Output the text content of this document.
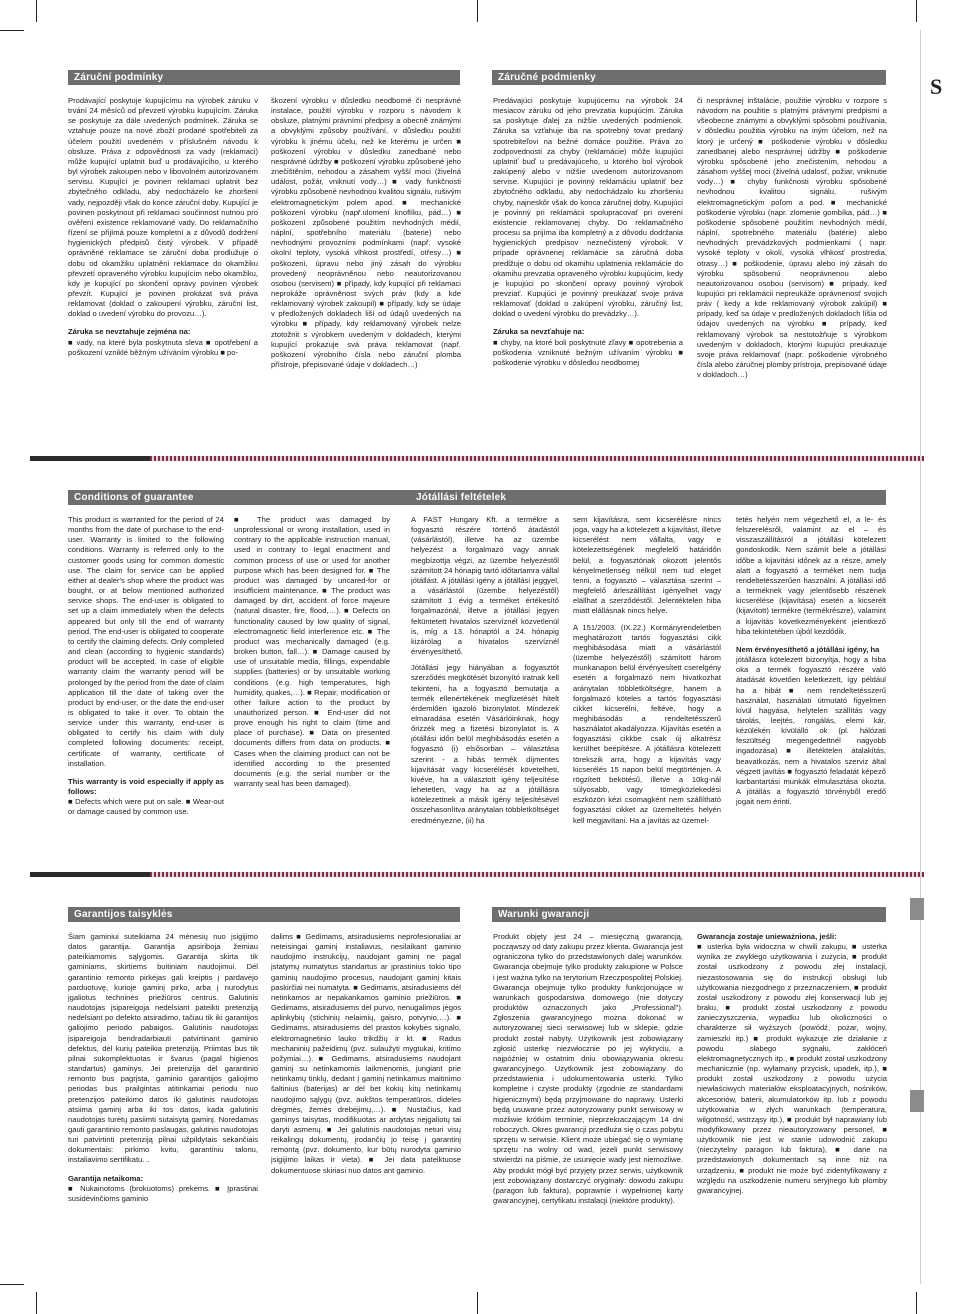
S
Záruční podmínky

Prodávající poskytuje kupujícímu na výrobek záruku v trvání 24 měsíců od převzetí výrobku kupujícím. Záruka se poskytuje za dále uvedených podmínek. Záruka se vztahuje pouze na nové zboží prodané spotřebiteli za účelem použití uvedeném v příslušném návodu k obsluze. Práva z odpovědnosti za vady (reklamaci) může kupující uplatnit buď u prodávajícího, u kterého byl výrobek zakoupen nebo v libovolném autorizovaném servisu. Kupující je povinen reklamaci uplatnit bez zbytečného odkladu, aby nedocházelo ke zhoršení vady, nejpozději však do konce záruční doby. Kupující je povinen poskytnout při reklamaci součinnost nutnou pro ověření existence reklamované vady. Do reklamačního řízení se přijímá pouze kompletní a z důvodů dodržení hygienických předpisů čistý výrobek. V případě oprávněné reklamace se záruční doba prodlužuje o dobu od okamžiku uplatnění reklamace do okamžiku převzetí opraveného výrobku kupujícím nebo okamžiku, kdy je kupující po skončení opravy povinen výrobek převzít. Kupující je povinen prokázat svá práva reklamovat (doklad o zakoupení výrobku, záruční list, doklad o uvedení výrobku do provozu…).

Záruka se nevztahuje zejména na:

■ vady, na které byla poskytnuta sleva ■ opotřebení a poškození vzniklé běžným užíváním výrobku ■ po-

škození výrobku v důsledku neodborné či nesprávné instalace, použití výrobku v rozporu s návodem k obsluze, platnými právními předpisy a obecně známými a obvyklými způsoby používání, v důsledku použití výrobku k jinému účelu, než ke kterému je určen ■ poškození výrobku v důsledku zanedbané nebo nesprávné údržby ■ poškození výrobku způsobené jeho znečištěním, nehodou a zásahem vyšší moci (živelná událost, požár, vniknutí vody…) ■ vady funkčnosti výrobku způsobené nevhodnou kvalitou signálu, rušivým elektromagnetickým polem apod. ■ mechanické poškození výrobku (např.ulomení knoflíku, pád…) ■ poškození způsobené použitím nevhodných médií, náplní, spotřebního materiálu (baterie) nebo nevhodnými provozními podmínkami (např. vysoké okolní teploty, vysoká vlhkost prostředí, otřesy…) ■ poškození, úpravu nebo jiný zásah do výrobku provedený neoprávněnou nebo neautorizovanou osobou (servisem) ■ případy, kdy kupující při reklamaci neprokáže oprávněnost svých práv (kdy a kde reklamovaný výrobek zakoupil) ■ případy, kdy se údaje v předložených dokladech liší od údajů uvedených na výrobku ■ případy, kdy reklamovaný výrobek nelze ztotožnit s výrobkem uvedeným v dokladech, kterými kupující prokazuje svá práva reklamovat (např. poškození výrobního čísla nebo záruční plomba přístroje, přepisované údaje v dokladech…)

Záručné podmienky

Predávajúci poskytuje kupujúcemu na výrobok 24 mesiacov záruku od jeho prevzatia kupujúcim. Záruka sa poskytuje ďalej za nižšie uvedených podmienok. Záruka sa vzťahuje iba na spotrebný tovar predaný spotrebiteľovi na bežné domáce použitie. Práva zo zodpovednosti za chyby (reklamácie) môže kupujúci uplatniť buď u predávajúceho, u ktorého bol výrobok zakúpený alebo v nižšie uvedenom autorizovanom servise. Kupujúci je povinný reklamáciu uplatniť bez zbytočného odkladu, aby nedochádzalo ku zhoršeniu chyby, najneskôr však do konca záručnej doby. Kupujúci je povinný pri reklamácii spolupracovať pri overení existencie reklamovanej chyby. Do reklamačného procesu sa prijíma iba kompletný a z dôvodu dodržania hygienických predpisov neznečistený výrobok. V prípade oprávnenej reklamácie sa záručná doba predlžuje o dobu od okamihu uplatnenia reklamácie do okamihu prevzatia opraveného výrobku kupujúcim, kedy je kupujúci po skončení opravy povinný výrobok prevziať. Kupujúci je povinný preukázať svoje práva reklamovať (doklad o zakúpení výrobku, záručný list, doklad o uvedení výrobku do prevádzky…).

Záruka sa nevzťahuje na:

■ chyby, na ktoré boli poskytnuté zľavy ■ opotrebenia a poškodenia vzniknuté bežným užívaním výrobku ■ poškodenie výrobku v dôsledku neodbornej

či nesprávnej inštalácie, použitie výrobku v rozpore s návodom na použitie s platnými právnymi predpismi a všeobecne známymi a obvyklými spôsobmi používania, v dôsledku použitia výrobku na iným účelom, než na ktorý je určený ■ poškodenie výrobku v dôsledku zanedbanej alebo nesprávnej údržby ■ poškodenie výrobku spôsobené jeho znečistením, nehodou a zásahom vyššej moci (živelná udalosť, požiar, vniknutie vody…) ■ chyby funkčnosti výrobku spôsobené nevhodnou kvalitou signálu, rušivým elektromagnetickým poľom a pod. ■ mechanické poškodenie výrobku (napr. zlomenie gombíka, pád…) ■ poškodenie spôsobené použitím nevhodných médií, náplní, spotrebného materiálu (batérie) alebo nevhodných prevádzkových podmienkami ( napr. vysoké teploty v okolí, vysoká vlhkosť prostredia, otrasy…) ■ poškodenie, úpravu alebo iný zásah do výrobku spôsobenú neoprávnenou alebo neautorizovanou osobou (servisom) ■ prípady, keď kupujúci pri reklamácii nepreukáže oprávnenosť svojich práv ( kedy a kde reklamovaný výrobok zakúpil) ■ prípady, keď sa údaje v predložených dokladoch líšia od údajov uvedených na výrobku ■ prípady, keď reklamovaný výrobok sa nestotožňuje s výrobkom uvedeným v dokladoch, ktorými kupujúci preukazuje svoje práva reklamovať (napr. poškodenie výrobného čísla alebo záručnej plomby prístroja, prepisované údaje v dokladoch…)

Conditions of guarantee

This product is warranted for the period of 24 months from the date of purchase to the end-user. Warranty is limited to the following conditions. Warranty is referred only to the customer goods using for common domestic use. The claim for service can be applied either at dealer's shop where the product was bought, or at below mentioned authorized service shops. The end-user is obligated to set up a claim immediately when the defects appeared but only till the end of warranty period. The end-user is obligated to cooperate to certify the claiming defects. Only completed and clean (according to hygienic standards) product will be accepted. In case of eligible warranty claim the warranty period will be prolonged by the period from the date of claim application till the date of taking over the product by end-user, or the date the end-user is obligated to take it over. To obtain the service under this warranty, end-user is obligated to certify his claim with duly completed following documents: receipt, certificate of warranty, certificate of installation.

This warranty is void especially if apply as follows:

■ Defects which were put on sale. ■ Wear-out or damage caused by common use.

■ The product was damaged by unprofessional or wrong installation, used in contrary to the applicable instruction manual, used in contrary to legal enactment and common process of use or used for another purpose which has been designed for. ■ The product was damaged by uncared-for or insufficient maintenance. ■ The product was damaged by dirt, accident of force majeure (natural disaster, fire, flood,…). ■ Defects on functionality caused by low quality of signal, electromagnetic field interference etc. ■ The product was mechanically damaged (e.g. broken button, fall…). ■ Damage caused by use of unsuitable media, fillings, expendable supplies (batteries) or by unsuitable working conditions (e.g. high temperatures, high humidity, quakes,…). ■ Repair, modification or other failure action to the product by unauthorized person. ■ End-user did not prove enough his right to claim (time and place of purchase). ■ Data on presented documents differs from data on products. ■ Cases when the claiming product can not be identified according to the presented documents (e.g. the serial number or the warranty seal has been damaged).

Jótállási feltételek

A FAST Hungary Kft. a termékre a fogyasztó részére történő átadástól (vásárlástól), illetve ha az üzembe helyezést a forgalmazó vagy annak megbízottja végzi, az üzembe helyezéstől számított 24 hónapig tartó időtartamra vállal jótállást. A jótállási igény a jótállási jeggyel, a vásárlástól (üzembe helyezéstől) számított 1 évig a terméket értékesítő forgalmazónál, illetve a jótállási jegyen feltüntetett hivatalos szervíznél közvetlenül is, míg a 13. hónaptól a 24. hónapig kizárólag a hivatalos szervíznél érvényesíthető.

Jótállási jegy hiányában a fogyasztót szerződés megkötését bizonyító iratnak kell tekinteni, ha a fogyasztó bemutatja a termék ellenértékének megfizetését hitelt érdemlően igazoló bizonylatot. Mindezek elmaradása esetén Vásárlóinknak, hogy őrizzék meg a fizetési bizonylatot is. A jótállási időn belül meghibásodás esetén a fogyasztó (i) elsősorban – választása szerint - a hibás termék díjmentes kijavítását vagy kicserélését követelheti, kivéve, ha a választott igény teljesítése lehetetlen, vagy ha az a jótállásra kötelezettnek a másik igény teljesítésével összehasonlítva aránytalan többletköltséget eredményezne, (ii) ha

sem kijavításra, sem kicserélésre nincs joga, vagy ha a kötelezett a kijavítást, illetve kicserélést nem vállalta, vagy e kötelezettségének megfelelő határidőn belül, a fogyasztónak okozott jelentős kényelmetlenség nélkül nem tud eleget tenni, a fogyasztó – választása szerint – megfelelő árleszállítást igényelhet vagy elállhat a szerződéstől. Jelentéktelen hiba miatt elállásnak nincs helye.

A 151/2003. (IX.22.) Kormányrendeletben meghatározott tartós fogyasztási cikk meghibásodása miatt a vásárlástól (üzembe helyezéstől) számított három munkanapon belül érvényesített cserelgény esetén a forgalmazó nem hivatkozhat aránytalan többletköltségre, hanem a forgalmazó köteles a tartós fogyasztási cikket kicserélni, feltéve, hogy a meghibásodás a rendeltetésszerű használatot akadályozza. Kijavítás esetén a fogyasztási cikkbe csak új alkatrész kerülhet beépítésre. A jótállásra kötelezett törekszik arra, hogy a kijavítás vagy kicserélés 15 napon belül megtörténjen. A rögzített bekötésű, illetve a 10kg-nál súlyosabb, vagy tömegközlekedési eszközön kézi csomagként nem szállítható fogyasztási cikket az üzemeltetés helyén kell megjavítani. Ha a javítás az üzemel-

tetés helyén nem végezhető el, a le- és felszerelésről, valamint az el – és visszaszállításról a jótállási kötelezett gondoskodik. Nem számít bele a jótállási időbe a kijavítási időnek az a része, amely alatt a fogyasztó a terméket nem tudja rendeltetésszerűen használni. A jótállási idő a terméknek vagy jelentősebb részének kicserélése (kijavítása) esetén a kicserélt (kijavított) termékre (termékrészre), valamint a kijavítás következményeként jelentkező hiba tekintetében újból kezdődik.

Nem érvényesíthető a jótállási igény, ha

jótállásra kötelezett bizonyítja, hogy a hiba oka a termék fogyasztó részére való átadását követően keletkezett, így például ha a hibát ■ nem rendeltetésszerű használat, használati útmutató figyelmen kívül hagyása, helytelen szállítás vagy tárolás, leejtés, rongálás, elemi kár, kézülékén kívülálló ok (pl. hálózati feszültség megengedettnél nagyobb ingadozása) ■ illetéktelen átalakítás, beavatkozás, nem a hivatalos szerviz által végzett javítás ■ fogyasztó feladatát képező karbantartási munkák elmulasztása okozta. A jótállás a fogyasztó törvényből eredő jogait nem érinti.

Garantijos taisyklės

Šiam gaminiui suteikiama 24 mėnesių nuo įsigijimo datos garantija. Garantija apsiriboja žemiau pateikiamomis sąlygomis. Garantija skirta tik gaminiams, skirtiems buitiniam naudojimui. Dėl garantinio remonto pirkėjas gali kreiptis į pardavėjo parduotuvę, kurioje gaminį pirko, arba į nurodytus įgaliotus techninės priežiūros centrus. Galutinis naudotojas įsipareigoja nedelsiant pateikti pretenziją nedelsiant po defekto atsiradimo, tačiau tik iki garantijos galiojimo periodo pabaigos. Galutinis naudotojas įsipareigoja bendradarbiauti patvirtinant gaminio defektus, dėl kurių pateikia pretenziją. Priimtas bus tik pilnai sukomplektuotas ir švarus (pagal higienos standartus) gaminys. Jei pretenzija dėl garantinio remonto bus pagrįsta, gaminio garantijos galiojimo periodas bus prailgintas atitinkamai periodu nuo pretenzijos pateikimo datos iki galutinis naudotojas atsiima gaminį arba iki tos datos, kada galutinis naudotojas turėtų pasiimti sutaisytą gaminį. Norėdamas gauti garantinio remonto paslaugas, galutinis naudotojas turi patvirtinti pretenziją pilnai užpildytais sekančiais dokumentais: pirkimo kvitu, garantiniu talonu, instaliavimo sertifikatu…

Garantija netaikoma:

■ Nukainotoms (brokuotoms) prekėms. ■ Įprastinai susidėvinčioms gaminio

dalims ■ Gedimams, atsiradusiems neprofesionaliai ar neteisingai gaminį instaliavus, nesilaikant gaminio naudojimo instrukcijų, naudojant gaminį ne pagal įstatymų numatytus standartus ar įprastinius tokio tipo gaminių naudojimo procesus, naudojant gaminį kitais paskirčiai nei numatyta. ■ Gedimams, atsiradusiems dėl netinkamos ar nepakankamos gaminio priežiūros. ■ Gedimams, atsiradusiems dėl purvo, nenugalimos jėgos aplinkybių (stichinių nelaimių, gaisro, potvynio,…). ■ Gedimams, atsiradusiems dėl prastos kokybės signalo, elektromagnetinio lauko trikdžių ir kt. ■ Radus mechaninių pažeidimų (pvz. sulaužyti mygtukai, kritimo požymiai…). ■ Gedimams, atsiradusiems naudojant gaminį su netinkamomis laikmenomis, jungiant prie netinkamų tinklų, dedant į gaminį netinkamus maitinimo šaltinius (baterijas) ar dėl bet kokių kitų netinkamų naudojimo sąlygų (pvz. aukštos temperatūros, dideles drėgmės, žemės drebėjimų,…). ■ Nustačius, kad gaminys taisytas, modifikuotas ar ardytas nejgaliotų tai daryti asmenų. ■ Jei galutinis naudotojas neturi visų reikalingų dokumentų, įrodančių jo teisę į garantinį remontą (pvz. dokumento, kur būtų nurodyta gaminio įsigijimo laikas ir vieta). ■ Jei data pateiktuose dokumentuose skiriasi nuo datos ant gaminio.

Warunki gwarancji

Produkt objęty jest 24 – miesięczną gwarancją, począwszy od daty zakupu przez klienta. Gwarancja jest ograniczona tylko do przedstawionych dalej warunków. Gwarancja obejmuje tylko produkty zakupione w Polsce i jest ważna tylko na terytorium Rzeczpospolitej Polskiej. Gwarancja obejmuje tylko produkty funkcjonujące w warunkach gospodarstwa domowego (nie dotyczy produktów oznaczonych jako „Professional"). Zgłoszenia gwarancyjnego można dokonać w autoryzowanej sieci serwisowej lub w sklepie, gdzie produkt został nabyty. Użytkownik jest zobowiązany zgłosić usterkę niezwłocznie po jej wykryciu, a najpóźniej w ostatnim dniu obowiązywania okresu gwarancyjnego. Użytkownik jest zobowiązany do przedstawienia i udokumentowania usterki. Tylko kompletne i czyste produkty (zgodnie ze standardami higienicznymi) będą przyjmowane do naprawy. Usterki będą usuwane przez autoryzowany punkt serwisowy w możliwie krótkim terminie, nieprzekraczającym 14 dni roboczych. Okres gwarancji przedłuża się o czas pobytu sprzętu w serwisie. Klient może ubiegać się o wymianę sprzętu na wolny od wad, jeżeli punkt serwisowy stwierdzi na piśmie, że usunięcie wady jest niemożliwe. Aby produkt mógł być przyjęty przez serwis, użytkownik jest zobowiązany dostarczyć oryginały: dowodu zakupu (paragon lub faktura), poprawnie i wypełnionej karty gwarancyjnej, certyfikatu instalacji (niektóre produkty).

Gwarancja zostaje unieważniona, jeśli:

■ usterka była widoczna w chwili zakupu, ■ usterka wynika ze zwykłego użytkowania i zużycia, ■ produkt został uszkodzony z powodu złej instalacji, niezastosowania się do instrukcji obsługi lub użytkowania niezgodnego z przeznaczeniem, ■ produkt został uszkodzony z powodu złej konserwacji lub jej braku, ■ produkt został uszkodzony z powodu zanieczyszczenia, wypadku lub okoliczności o charakterze sił wyższych (powódź, pożar, wojny, zamieszki itp.) ■ produkt wykazuje złe działanie z powodu słabego sygnału, zakłóceń elektromagnetycznych itp., ■ produkt został uszkodzony mechanicznie (np. wyłamany przycisk, upadek, itp.), ■ produkt został uszkodzony z powodu użycia niewłaściwych materiałów eksploatacyjnych, nośników, akcesoriów, baterii, akumulatorków itp. lub z powodu użytkowania w złych warunkach (temperatura, wilgotność, wstrząsy itp.), ■ produkt był naprawiany lub modyfikowany przez nieautoryzowany personel, ■ użytkownik nie jest w stanie udowodnić zakupu (nieczytelny paragon lub faktura), ■ dane na przedstawionych dokumentach są inne niż na urządzeniu, ■ produkt nie może być zidentyfikowany z względu na uszkodzenie numeru seryjnego lub plomby gwarancyjnej.
